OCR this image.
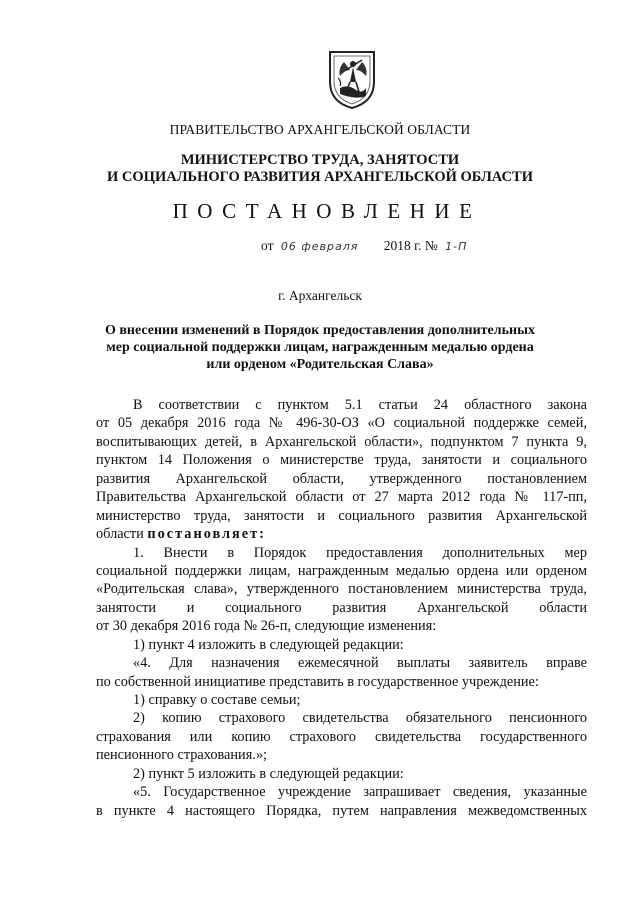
ПРАВИТЕЛЬСТВО АРХАНГЕЛЬСКОЙ ОБЛАСТИ
МИНИСТЕРСТВО ТРУДА, ЗАНЯТОСТИ
И СОЦИАЛЬНОГО РАЗВИТИЯ АРХАНГЕЛЬСКОЙ ОБЛАСТИ
ПОСТАНОВЛЕНИЕ
от 06 февраля 2018 г. № 1-П
г. Архангельск
О внесении изменений в Порядок предоставления дополнительных
мер социальной поддержки лицам, награжденным медалью ордена
или орденом «Родительская Слава»
В соответствии с пунктом 5.1 статьи 24 областного закона
от 05 декабря 2016 года № 496-30-ОЗ «О социальной поддержке семей,
воспитывающих детей, в Архангельской области», подпунктом 7 пункта 9,
пунктом 14 Положения о министерстве труда, занятости и социального
развития Архангельской области, утвержденного постановлением
Правительства Архангельской области от 27 марта 2012 года № 117-пп,
министерство труда, занятости и социального развития Архангельской
области постановляет:
1. Внести в Порядок предоставления дополнительных мер
социальной поддержки лицам, награжденным медалью ордена или орденом
«Родительская слава», утвержденного постановлением министерства труда,
занятости и социального развития Архангельской области
от 30 декабря 2016 года № 26-п, следующие изменения:
1) пункт 4 изложить в следующей редакции:
«4. Для назначения ежемесячной выплаты заявитель вправе
по собственной инициативе представить в государственное учреждение:
1) справку о составе семьи;
2) копию страхового свидетельства обязательного пенсионного
страхования или копию страхового свидетельства государственного
пенсионного страхования.»;
2) пункт 5 изложить в следующей редакции:
«5. Государственное учреждение запрашивает сведения, указанные
в пункте 4 настоящего Порядка, путем направления межведомственных
